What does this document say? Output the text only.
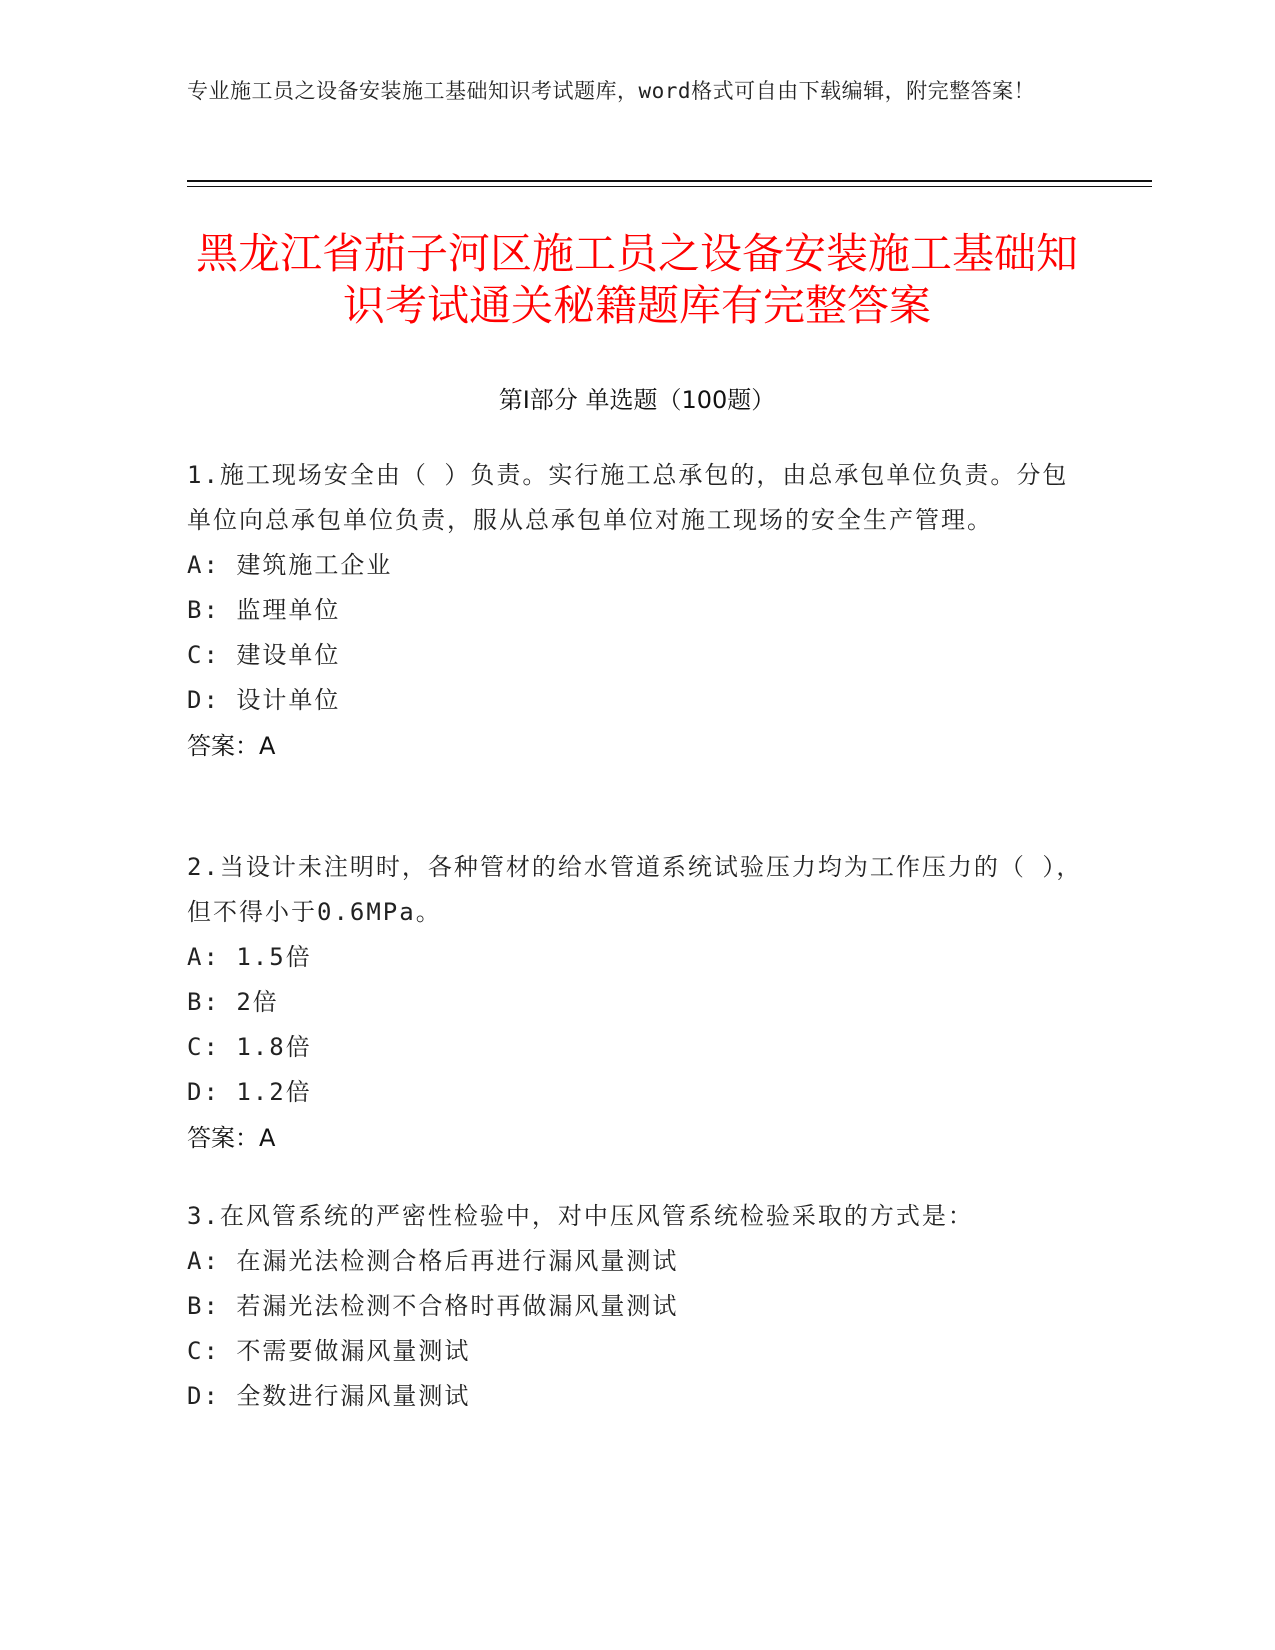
专业施工员之设备安装施工基础知识考试题库，word格式可自由下载编辑，附完整答案！
黑龙江省茄子河区施工员之设备安装施工基础知识考试通关秘籍题库有完整答案
第Ⅰ部分 单选题（100题）

1.施工现场安全由（ ）负责。实行施工总承包的，由总承包单位负责。分包单位向总承包单位负责，服从总承包单位对施工现场的安全生产管理。

A: 建筑施工企业

B: 监理单位

C: 建设单位

D: 设计单位

答案：A

2.当设计未注明时，各种管材的给水管道系统试验压力均为工作压力的（ ），但不得小于0.6MPa。

A: 1.5倍

B: 2倍

C: 1.8倍

D: 1.2倍

答案：A

3.在风管系统的严密性检验中，对中压风管系统检验采取的方式是：

A: 在漏光法检测合格后再进行漏风量测试

B: 若漏光法检测不合格时再做漏风量测试

C: 不需要做漏风量测试

D: 全数进行漏风量测试
